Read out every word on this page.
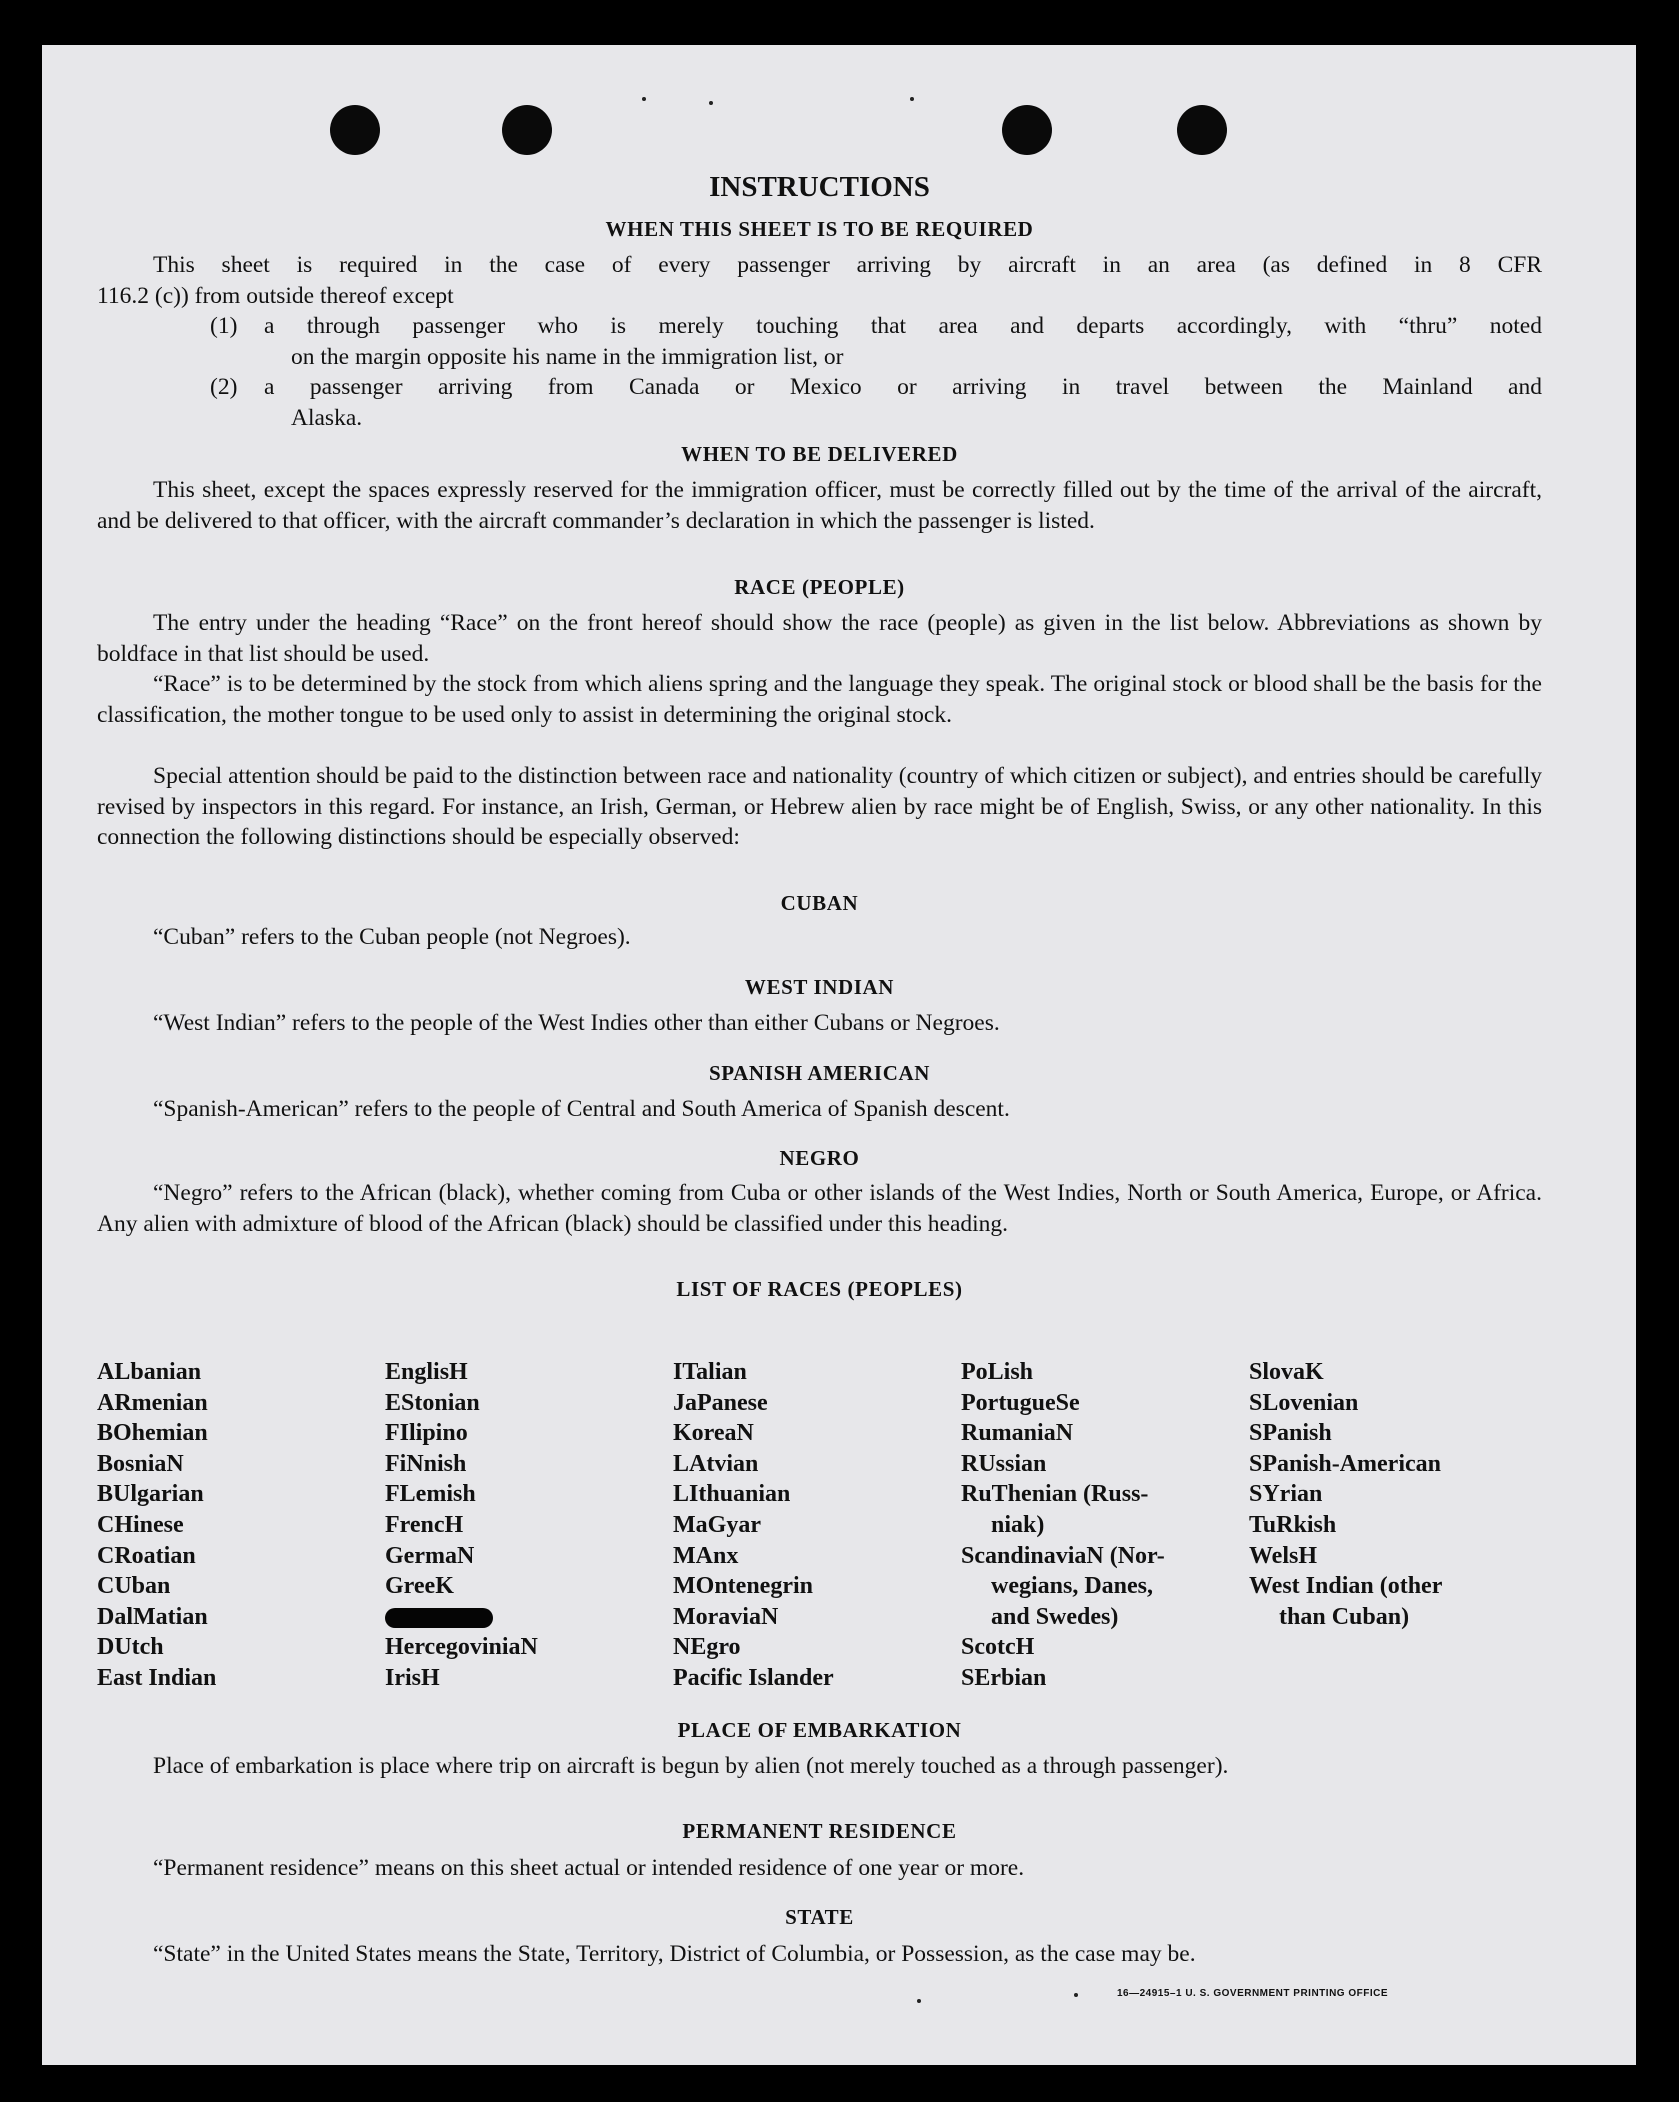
INSTRUCTIONS
WHEN THIS SHEET IS TO BE REQUIRED
This sheet is required in the case of every passenger arriving by aircraft in an area (as defined in 8 CFR
116.2 (c)) from outside thereof except
(1) a through passenger who is merely touching that area and departs accordingly, with “thru” noted
on the margin opposite his name in the immigration list, or
(2) a passenger arriving from Canada or Mexico or arriving in travel between the Mainland and
Alaska.
WHEN TO BE DELIVERED
This sheet, except the spaces expressly reserved for the immigration officer, must be correctly filled out by the time of the arrival of the aircraft, and be delivered to that officer, with the aircraft commander’s declaration in which the passenger is listed.
RACE (PEOPLE)
The entry under the heading “Race” on the front hereof should show the race (people) as given in the list below. Abbreviations as shown by boldface in that list should be used.
“Race” is to be determined by the stock from which aliens spring and the language they speak. The original stock or blood shall be the basis for the classification, the mother tongue to be used only to assist in determining the original stock.
Special attention should be paid to the distinction between race and nationality (country of which citizen or subject), and entries should be carefully revised by inspectors in this regard. For instance, an Irish, German, or Hebrew alien by race might be of English, Swiss, or any other nationality. In this connection the following distinctions should be especially observed:
CUBAN
“Cuban” refers to the Cuban people (not Negroes).
WEST INDIAN
“West Indian” refers to the people of the West Indies other than either Cubans or Negroes.
SPANISH AMERICAN
“Spanish-American” refers to the people of Central and South America of Spanish descent.
NEGRO
“Negro” refers to the African (black), whether coming from Cuba or other islands of the West Indies, North or South America, Europe, or Africa. Any alien with admixture of blood of the African (black) should be classified under this heading.
LIST OF RACES (PEOPLES)
ALbanian
ARmenian
BOhemian
BosniaN
BUlgarian
CHinese
CRoatian
CUban
DalMatian
DUtch
East Indian
EnglisH
EStonian
FIlipino
FiNnish
FLemish
FrencH
GermaN
GreeK
HercegoviniaN
IrisH
ITalian
JaPanese
KoreaN
LAtvian
LIthuanian
MaGyar
MAnx
MOntenegrin
MoraviaN
NEgro
Pacific Islander
PoLish
PortugueSe
RumaniaN
RUssian
RuThenian (Russ-
niak)
ScandinaviaN (Nor-
wegians, Danes,
and Swedes)
ScotcH
SErbian
SlovaK
SLovenian
SPanish
SPanish-American
SYrian
TuRkish
WelsH
West Indian (other
than Cuban)
PLACE OF EMBARKATION
Place of embarkation is place where trip on aircraft is begun by alien (not merely touched as a through passenger).
PERMANENT RESIDENCE
“Permanent residence” means on this sheet actual or intended residence of one year or more.
STATE
“State” in the United States means the State, Territory, District of Columbia, or Possession, as the case may be.
16—24915–1 U. S. GOVERNMENT PRINTING OFFICE
